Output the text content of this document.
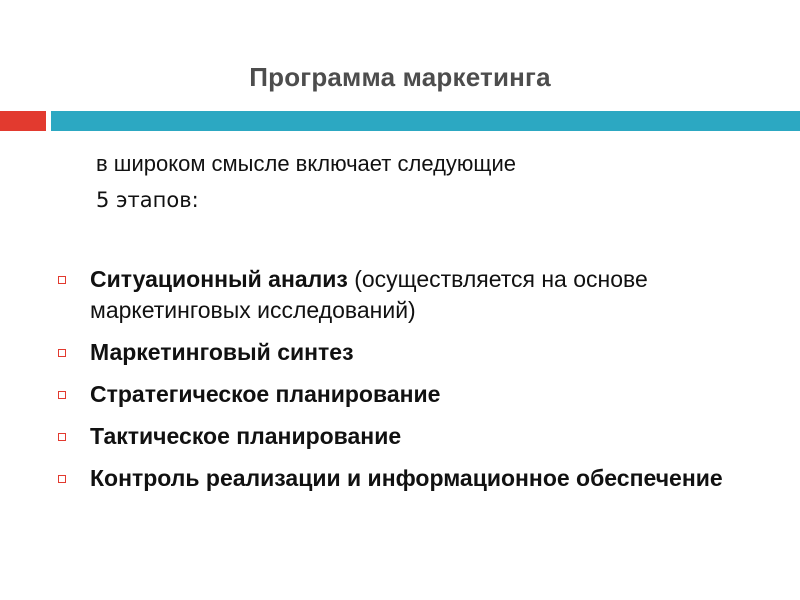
Программа маркетинга
в широком смысле включает следующие
5 этапов:
Ситуационный анализ (осуществляется на основе маркетинговых исследований)
Маркетинговый синтез
Стратегическое планирование
Тактическое планирование
Контроль реализации и информационное обеспечение
